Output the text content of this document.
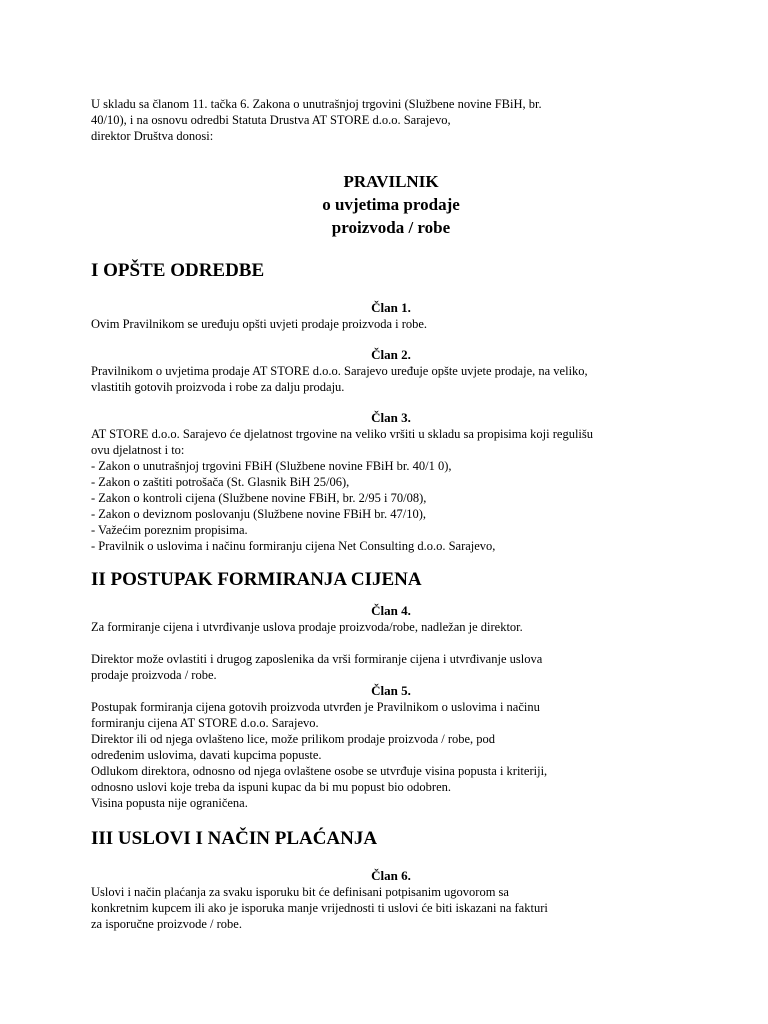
U skladu sa članom 11. tačka 6. Zakona o unutrašnjoj trgovini (Službene novine FBiH, br.
40/10), i na osnovu odredbi Statuta Drustva AT STORE d.o.o. Sarajevo,
direktor Društva donosi:

PRAVILNIK

o uvjetima prodaje

proizvoda / robe

I OPŠTE ODREDBE

Član 1.

Ovim Pravilnikom se uređuju opšti uvjeti prodaje proizvoda i robe.

Član 2.

Pravilnikom o uvjetima prodaje AT STORE d.o.o. Sarajevo uređuje opšte uvjete prodaje, na veliko,
vlastitih gotovih proizvoda i robe za dalju prodaju.

Član 3.

AT STORE d.o.o. Sarajevo će djelatnost trgovine na veliko vršiti u skladu sa propisima koji regulišu
ovu djelatnost i to:
- Zakon o unutrašnjoj trgovini FBiH (Službene novine FBiH br. 40/1 0),
- Zakon o zaštiti potrošača (St. Glasnik BiH 25/06),
- Zakon o kontroli cijena (Službene novine FBiH, br. 2/95 i 70/08),
- Zakon o deviznom poslovanju (Službene novine FBiH br. 47/10),
- Važećim poreznim propisima.
- Pravilnik o uslovima i načinu formiranju cijena Net Consulting d.o.o. Sarajevo,

II POSTUPAK FORMIRANJA CIJENA

Član 4.

Za formiranje cijena i utvrđivanje uslova prodaje proizvoda/robe, nadležan je direktor.

Direktor može ovlastiti i drugog zaposlenika da vrši formiranje cijena i utvrđivanje uslova
prodaje proizvoda / robe.

Član 5.

Postupak formiranja cijena gotovih proizvoda utvrđen je Pravilnikom o uslovima i načinu
formiranju cijena AT STORE d.o.o. Sarajevo.
Direktor ili od njega ovlašteno lice, može prilikom prodaje proizvoda / robe, pod
određenim uslovima, davati kupcima popuste.
Odlukom direktora, odnosno od njega ovlaštene osobe se utvrđuje visina popusta i kriteriji,
odnosno uslovi koje treba da ispuni kupac da bi mu popust bio odobren.
Visina popusta nije ograničena.

III USLOVI I NAČIN PLAĆANJA

Član 6.

Uslovi i način plaćanja za svaku isporuku bit će definisani potpisanim ugovorom sa
konkretnim kupcem ili ako je isporuka manje vrijednosti ti uslovi će biti iskazani na fakturi
za isporučne proizvode / robe.
